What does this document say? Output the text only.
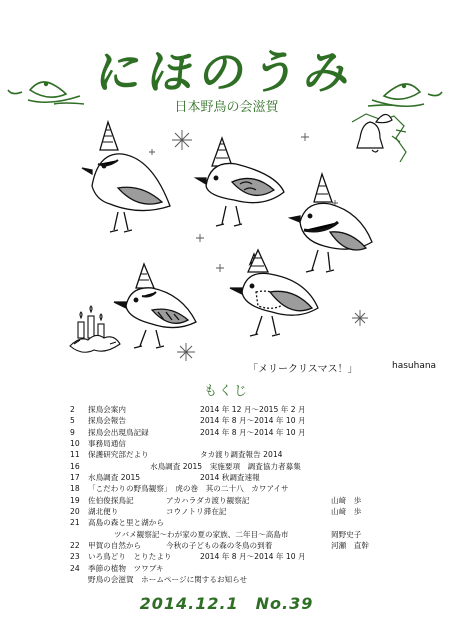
にほのうみ
日本野鳥の会滋賀
「メリークリスマス！」	hasuhana
もくじ
2 探鳥会案内	2014 年 12 月～2015 年 2 月
5 探鳥会報告	2014 年 8 月～2014 年 10 月
9 探鳥会出現鳥記録	2014 年 8 月～2014 年 10 月
10 事務局通信
11 保護研究部だより	タカ渡り調査報告 2014
16	水鳥調査 2015　実施要項　調査協力者募集
17 水鳥調査 2015	2014 秋調査速報
18 「こだわりの野鳥観察」　虎の巻　其の二十八　カワアイサ
19 佐伯俊探鳥記	アカハラダカ渡り観察記	山﨑　歩
20 湖北便り	コウノトリ滞在記	山﨑　歩
21 高島の森と里と湖から
ツバメ観察記～わが家の夏の家族、二年目～高島市	岡野史子
22 甲賀の自然から	今秋の子どもの森の冬鳥の到着	河瀬　直幹
23 いろ鳥どり　とりたより	2014 年 8 月～2014 年 10 月
24 季節の植物　ツワブキ
野鳥の会滋賀　ホームページに関するお知らせ
2014.12.1　No.39
